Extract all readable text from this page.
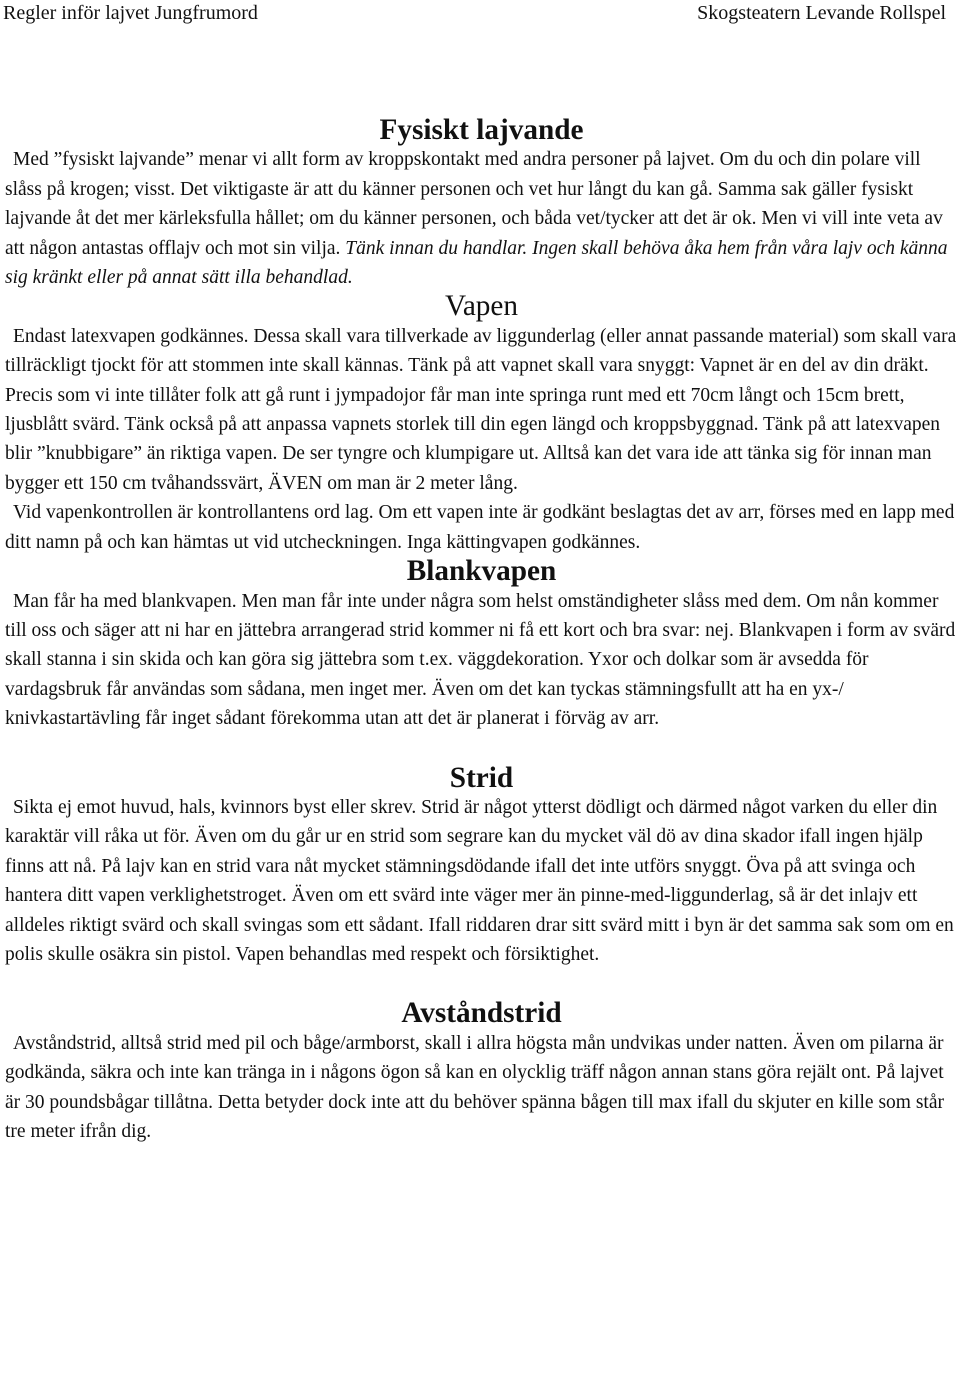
Regler inför lajvet Jungfrumord	Skogsteatern Levande Rollspel
Fysiskt lajvande

Med ”fysiskt lajvande” menar vi allt form av kroppskontakt med andra personer på lajvet. Om du och din polare vill slåss på krogen; visst. Det viktigaste är att du känner personen och vet hur långt du kan gå. Samma sak gäller fysiskt lajvande åt det mer kärleksfulla hållet; om du känner personen, och båda vet/tycker att det är ok. Men vi vill inte veta av att någon antastas offlajv och mot sin vilja. Tänk innan du handlar. Ingen skall behöva åka hem från våra lajv och känna sig kränkt eller på annat sätt illa behandlad.

Vapen

Endast latexvapen godkännes. Dessa skall vara tillverkade av liggunderlag (eller annat passande material) som skall vara tillräckligt tjockt för att stommen inte skall kännas. Tänk på att vapnet skall vara snyggt: Vapnet är en del av din dräkt. Precis som vi inte tillåter folk att gå runt i jympadojor får man inte springa runt med ett 70cm långt och 15cm brett, ljusblått svärd. Tänk också på att anpassa vapnets storlek till din egen längd och kroppsbyggnad. Tänk på att latexvapen blir ”knubbigare” än riktiga vapen. De ser tyngre och klumpigare ut. Alltså kan det vara ide att tänka sig för innan man bygger ett 150 cm tvåhandssvärt, ÄVEN om man är 2 meter lång.

Vid vapenkontrollen är kontrollantens ord lag. Om ett vapen inte är godkänt beslagtas det av arr, förses med en lapp med ditt namn på och kan hämtas ut vid utcheckningen. Inga kättingvapen godkännes.

Blankvapen

Man får ha med blankvapen. Men man får inte under några som helst omständigheter slåss med dem. Om nån kommer till oss och säger att ni har en jättebra arrangerad strid kommer ni få ett kort och bra svar: nej. Blankvapen i form av svärd skall stanna i sin skida och kan göra sig jättebra som t.ex. väggdekoration. Yxor och dolkar som är avsedda för vardagsbruk får användas som sådana, men inget mer. Även om det kan tyckas stämningsfullt att ha en yx-/ knivkastartävling får inget sådant förekomma utan att det är planerat i förväg av arr.

Strid

Sikta ej emot huvud, hals, kvinnors byst eller skrev. Strid är något ytterst dödligt och därmed något varken du eller din karaktär vill råka ut för. Även om du går ur en strid som segrare kan du mycket väl dö av dina skador ifall ingen hjälp finns att nå. På lajv kan en strid vara nåt mycket stämningsdödande ifall det inte utförs snyggt. Öva på att svinga och hantera ditt vapen verklighetstroget. Även om ett svärd inte väger mer än pinne-med-liggunderlag, så är det inlajv ett alldeles riktigt svärd och skall svingas som ett sådant. Ifall riddaren drar sitt svärd mitt i byn är det samma sak som om en polis skulle osäkra sin pistol. Vapen behandlas med respekt och försiktighet.

Avståndstrid

Avståndstrid, alltså strid med pil och båge/armborst, skall i allra högsta mån undvikas under natten. Även om pilarna är godkända, säkra och inte kan tränga in i någons ögon så kan en olycklig träff någon annan stans göra rejält ont. På lajvet är 30 poundsbågar tillåtna. Detta betyder dock inte att du behöver spänna bågen till max ifall du skjuter en kille som står tre meter ifrån dig.
